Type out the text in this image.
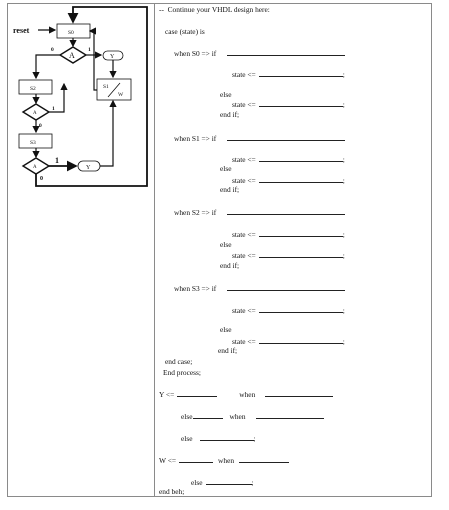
reset	S0
S1
S2
S3
A
A
A
Y
Y
W
0	1
1
0
1
0
--  Continue your VHDL design here:
case (state) is
when S0 => if
state <=	;
else
state <=	;
end if;
when S1 => if
state <=	;
else
state <=	;
end if;
when S2 => if
state <=	;
else
state <=	;
end if;
when S3 => if
state <=	;
else
state <=	;
end if;
end case;
End process;
Y <=	when
else	when
else	;
W <=	when
else	;
end beh;
